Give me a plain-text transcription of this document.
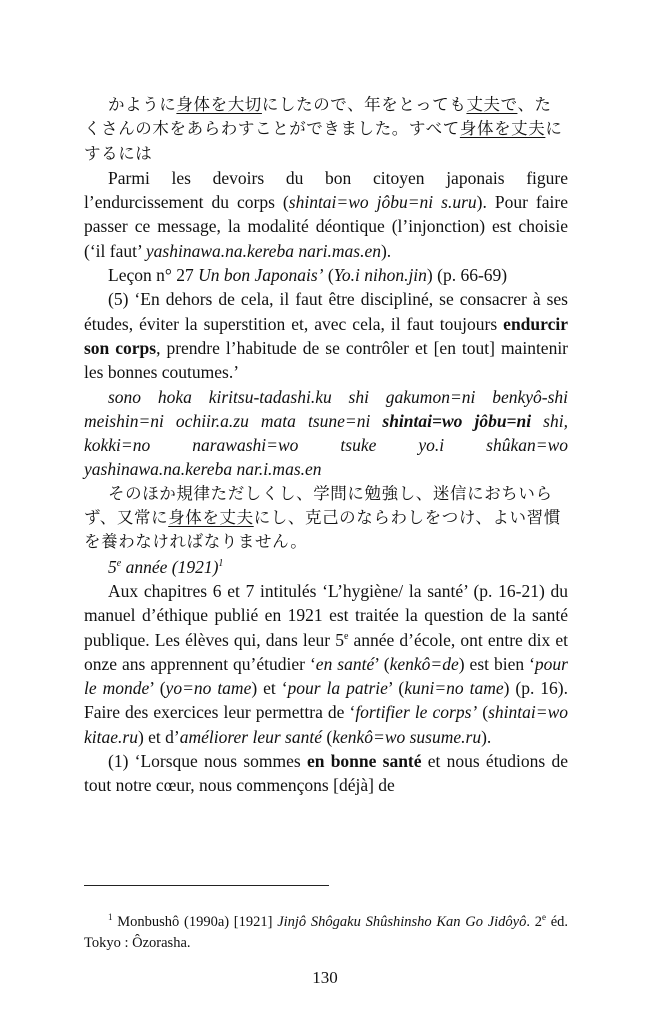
かように身体を大切にしたので、年をとっても丈夫で、たくさんの木をあらわすことができました。すべて身体を丈夫にするには

Parmi les devoirs du bon citoyen japonais figure l’endurcissement du corps (shintai=wo jôbu=ni s.uru). Pour faire passer ce message, la modalité déontique (l’injonction) est choisie (‘il faut’ yashinawa.na.kereba nari.mas.en).

Leçon n° 27 Un bon Japonais’ (Yo.i nihon.jin) (p. 66-69)

(5) ‘En dehors de cela, il faut être discipliné, se consacrer à ses études, éviter la superstition et, avec cela, il faut toujours endurcir son corps, prendre l’habitude de se contrôler et [en tout] maintenir les bonnes coutumes.’

sono hoka kiritsu-tadashi.ku shi gakumon=ni benkyô-shi meishin=ni ochiir.a.zu mata tsune=ni shintai=wo jôbu=ni shi, kokki=no narawashi=wo tsuke yo.i shûkan=wo yashinawa.na.kereba nar.i.mas.en

そのほか規律ただしくし、学問に勉強し、迷信におちいらず、又常に身体を丈夫にし、克己のならわしをつけ、よい習慣を養わなければなりません。

5e année $(1921)^1$

Aux chapitres 6 et 7 intitulés ‘L’hygiène/ la santé’ (p. 16-21) du manuel d’éthique publié en 1921 est traitée la question de la santé publique. Les élèves qui, dans leur 5e année d’école, ont entre dix et onze ans apprennent qu’étudier ‘en santé’ (kenkô=de) est bien ‘pour le monde’ (yo=no tame) et ‘pour la patrie’ (kuni=no tame) (p. 16). Faire des exercices leur permettra de ‘fortifier le corps’ (shintai=wo kitae.ru) et d’améliorer leur santé (kenkô=wo susume.ru).

(1) ‘Lorsque nous sommes en bonne santé et nous étudions de tout notre cœur, nous commençons [déjà] de

$^1$ Monbushô (1990a) [1921] Jinjô Shôgaku Shûshinsho Kan Go Jidôyô. 2e éd. Tokyo : Ôzorasha.

130
